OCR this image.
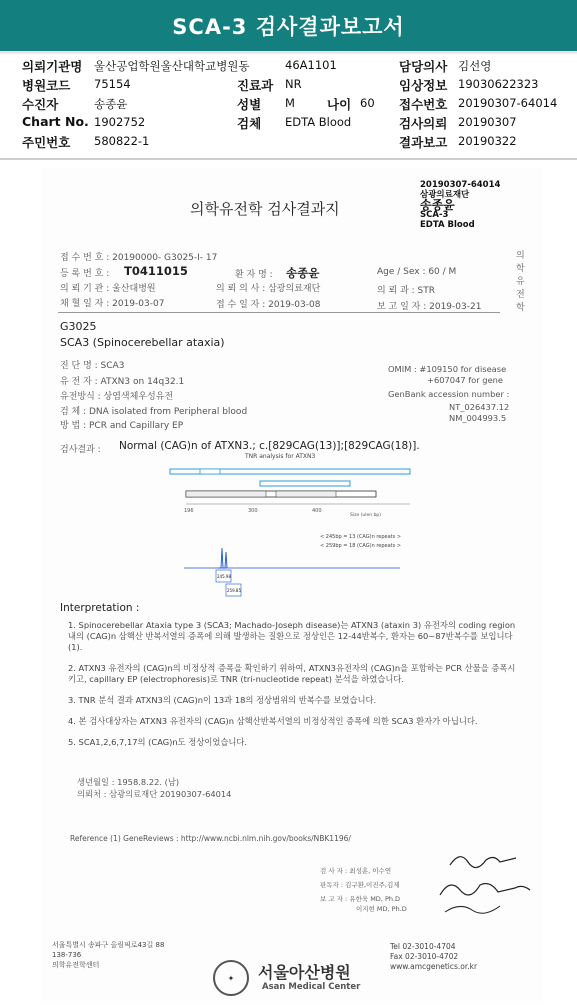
SCA-3 검사결과보고서
의뢰기관명 울산공업학원울산대학교병원동	46A1101	담당의사 김선영
병원코드 75154	진료과 NR	임상정보 19030622323
수진자	송종윤	성별 M	나이 60 접수번호 20190307-64014
Chart No. 1902752	검체 EDTA Blood	검사의뢰 20190307
주민번호 580822-1	결과보고 20190322
20190307-64014
삼광의료재단
송종윤
SCA-3
EDTA Blood
의학유전학 검사결과지
의학유전학
접 수 번 호 : 20190000- G3025-I- 17
등 록 번 호 : T0411015	환 자 명 : 송종윤	Age / Sex : 60 / M
의 뢰 기 관 : 울산대병원	의 뢰 의 사 : 삼광의료재단	의 뢰 과 : STR
채 혈 일 자 : 2019-03-07	접 수 일 자 : 2019-03-08	보 고 일 자 : 2019-03-21
G3025
SCA3 (Spinocerebellar ataxia)
진 단 명 : SCA3
유 전 자 : ATXN3 on 14q32.1
유전방식 : 상염색체우성유전
검 체 : DNA isolated from Peripheral blood
방 법 : PCR and Capillary EP
OMIM : #109150 for disease
+607047 for gene
GenBank accession number :
NT_026437.12
NM_004993.5
검사결과 : Normal (CAG)n of ATXN3.; c.[829CAG(13)];[829CAG(18)].
TNR analysis for ATXN3
196	300	400
Size (ulen bp)
< 245bp = 13 (CAG)n repeats >
< 259bp = 18 (CAG)n repeats >
245.98
259.85
Interpretation :

1. Spinocerebellar Ataxia type 3 (SCA3; Machado-Joseph disease)는 ATXN3 (ataxin 3) 유전자의 coding region 내의 (CAG)n 삼핵산 반복서열의 증폭에 의해 발생하는 질환으로 정상인은 12-44반복수, 환자는 60~87반복수를 보입니다 (1).

2. ATXN3 유전자의 (CAG)n의 비정상적 증폭을 확인하기 위하여, ATXN3유전자의 (CAG)n을 포함하는 PCR 산물을 증폭시키고, capillary EP (electrophoresis)로 TNR (tri-nucleotide repeat) 분석을 하였습니다.

3. TNR 분석 결과 ATXN3의 (CAG)n이 13과 18의 정상범위의 반복수를 보였습니다.

4. 본 검사대상자는 ATXN3 유전자의 (CAG)n 삼핵산반복서열의 비정상적인 증폭에 의한 SCA3 환자가 아닙니다.

5. SCA1,2,6,7,17의 (CAG)n도 정상이었습니다.

생년월일 : 1958.8.22. (남)
의뢰처 : 삼광의료재단 20190307-64014
Reference (1) GeneReviews : http://www.ncbi.nlm.nih.gov/books/NBK1196/
검 사 자 : 최성훈, 이수연
판독자 : 김구환,이진주,김제
보 고 자 : 유한욱 MD, Ph.D
이지현 MD, Ph.D
서울특별시 송파구 올림픽로43길 88
138-736
의학유전학센터
✦	서울아산병원
Asan Medical Center
Tel 02-3010-4704
Fax 02-3010-4702
www.amcgenetics.or.kr
